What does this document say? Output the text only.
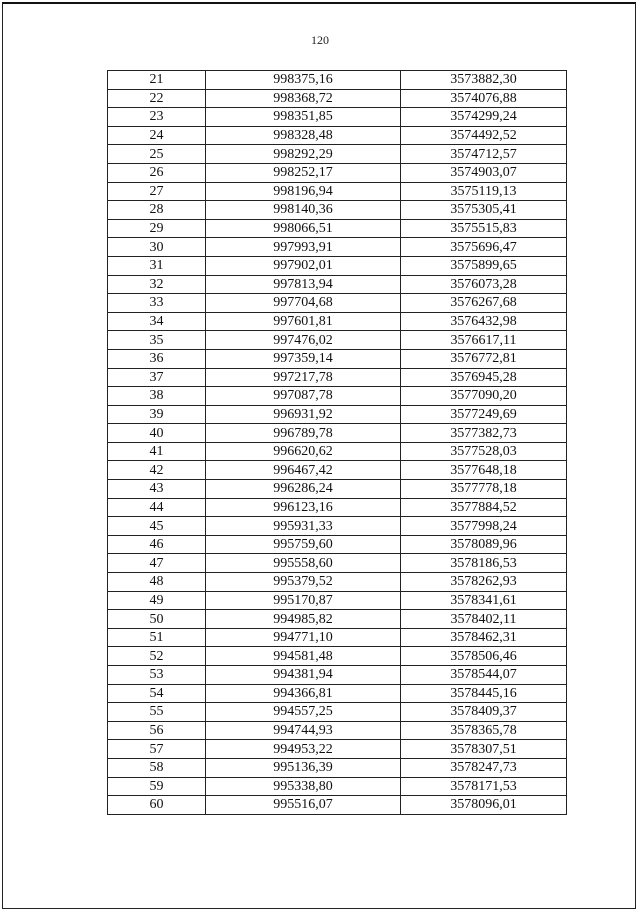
120
21	998375,16	3573882,30
22	998368,72	3574076,88
23	998351,85	3574299,24
24	998328,48	3574492,52
25	998292,29	3574712,57
26	998252,17	3574903,07
27	998196,94	3575119,13
28	998140,36	3575305,41
29	998066,51	3575515,83
30	997993,91	3575696,47
31	997902,01	3575899,65
32	997813,94	3576073,28
33	997704,68	3576267,68
34	997601,81	3576432,98
35	997476,02	3576617,11
36	997359,14	3576772,81
37	997217,78	3576945,28
38	997087,78	3577090,20
39	996931,92	3577249,69
40	996789,78	3577382,73
41	996620,62	3577528,03
42	996467,42	3577648,18
43	996286,24	3577778,18
44	996123,16	3577884,52
45	995931,33	3577998,24
46	995759,60	3578089,96
47	995558,60	3578186,53
48	995379,52	3578262,93
49	995170,87	3578341,61
50	994985,82	3578402,11
51	994771,10	3578462,31
52	994581,48	3578506,46
53	994381,94	3578544,07
54	994366,81	3578445,16
55	994557,25	3578409,37
56	994744,93	3578365,78
57	994953,22	3578307,51
58	995136,39	3578247,73
59	995338,80	3578171,53
60	995516,07	3578096,01
